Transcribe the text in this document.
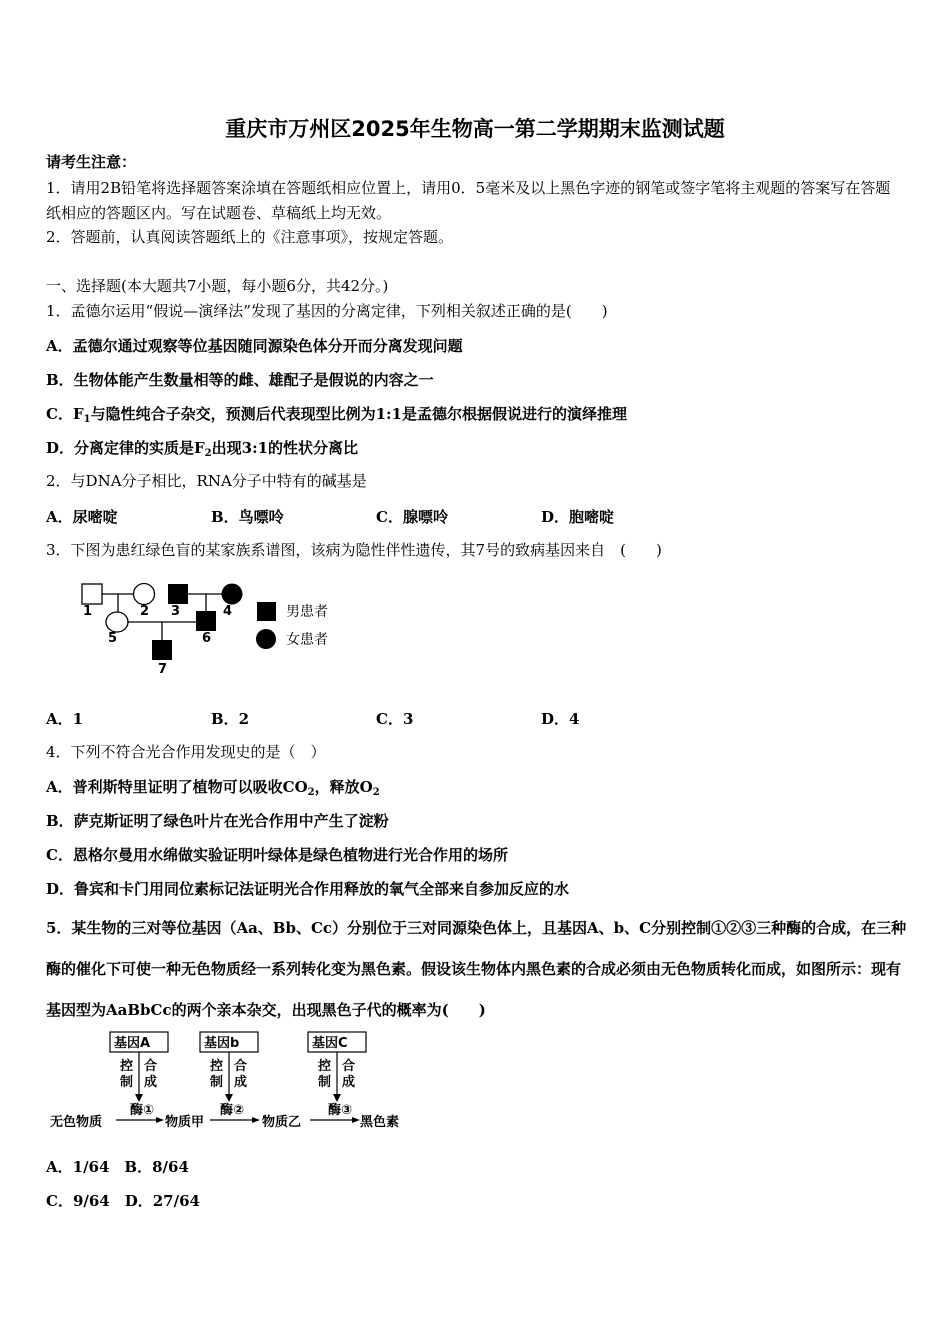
重庆市万州区2025年生物高一第二学期期末监测试题
请考生注意：
1．请用2B铅笔将选择题答案涂填在答题纸相应位置上，请用0．5毫米及以上黑色字迹的钢笔或签字笔将主观题的答案写在答题纸相应的答题区内。写在试题卷、草稿纸上均无效。
2．答题前，认真阅读答题纸上的《注意事项》，按规定答题。
一、选择题(本大题共7小题，每小题6分，共42分。)
1．孟德尔运用“假说—演绎法”发现了基因的分离定律，下列相关叙述正确的是(　　)
A．孟德尔通过观察等位基因随同源染色体分开而分离发现问题
B．生物体能产生数量相等的雌、雄配子是假说的内容之一
C．$F_1$与隐性纯合子杂交，预测后代表现型比例为1:1是孟德尔根据假说进行的演绎推理
D．分离定律的实质是$F_2$出现3:1的性状分离比
2．与DNA分子相比，RNA分子中特有的碱基是
A．尿嘧啶	B．鸟嘌呤	C．腺嘌呤	D．胞嘧啶
3．下图为患红绿色盲的某家族系谱图，该病为隐性伴性遗传，其7号的致病基因来自　(　　)
1	2 3	4
5	6
7
男患者
女患者
A．1	B．2	C．3	D．4
4．下列不符合光合作用发现史的是（　）
A．普利斯特里证明了植物可以吸收$CO_2$，释放$O_2$
B．萨克斯证明了绿色叶片在光合作用中产生了淀粉
C．恩格尔曼用水绵做实验证明叶绿体是绿色植物进行光合作用的场所
D．鲁宾和卡门用同位素标记法证明光合作用释放的氧气全部来自参加反应的水
5．某生物的三对等位基因（Aa、Bb、Cc）分别位于三对同源染色体上，且基因A、b、C分别控制①②③三种酶的合成，在三种酶的催化下可使一种无色物质经一系列转化变为黑色素。假设该生物体内黑色素的合成必须由无色物质转化而成，如图所示：现有基因型为AaBbCc的两个亲本杂交，出现黑色子代的概率为(　　)
基因A	基因b	基因C
控制
合成
控制
合成
控制
合成
无色物质	物质甲	物质乙	黑色素
酶①	酶②	酶③
A．1/64　B．8/64
C．9/64　D．27/64
